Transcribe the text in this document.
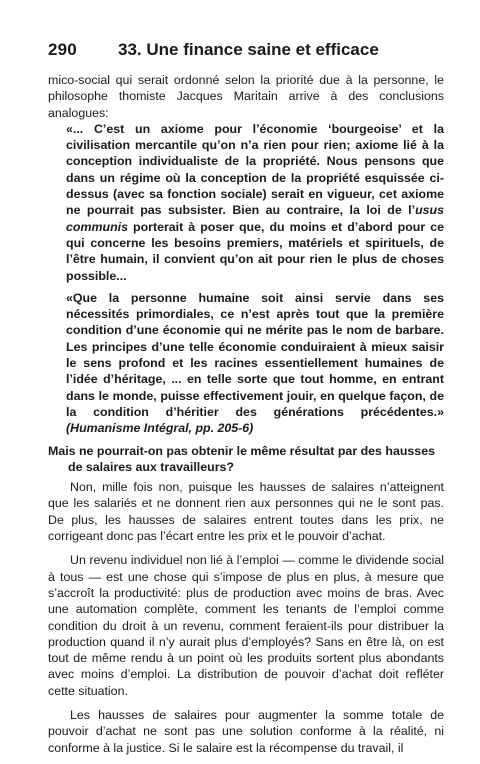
290 33. Une finance saine et efficace

mico-social qui serait ordonné selon la priorité due à la personne, le philosophe thomiste Jacques Maritain arrive à des conclusions analogues:

«... C’est un axiome pour l’économie ‘bourgeoise’ et la civilisation mercantile qu’on n’a rien pour rien; axiome lié à la conception individualiste de la propriété. Nous pensons que dans un régime où la conception de la propriété esquissée ci-dessus (avec sa fonction sociale) serait en vigueur, cet axiome ne pourrait pas subsister. Bien au contraire, la loi de l’usus communis porterait à poser que, du moins et d’abord pour ce qui concerne les besoins premiers, matériels et spirituels, de l’être humain, il convient qu’on ait pour rien le plus de choses possible...

«Que la personne humaine soit ainsi servie dans ses nécessités primordiales, ce n’est après tout que la première condition d’une économie qui ne mérite pas le nom de barbare. Les principes d’une telle économie conduiraient à mieux saisir le sens profond et les racines essentiellement humaines de l’idée d’héritage, ... en telle sorte que tout homme, en entrant dans le monde, puisse effectivement jouir, en quelque façon, de la condition d’héritier des générations précédentes.» (Humanisme Intégral, pp. 205-6)

Mais ne pourrait-on pas obtenir le même résultat par des hausses
de salaires aux travailleurs?

Non, mille fois non, puisque les hausses de salaires n’atteignent que les salariés et ne donnent rien aux personnes qui ne le sont pas. De plus, les hausses de salaires entrent toutes dans les prix, ne corrigeant donc pas l’écart entre les prix et le pouvoir d’achat.

Un revenu individuel non lié à l’emploi — comme le dividende social à tous — est une chose qui s’impose de plus en plus, à mesure que s’accroît la productivité: plus de production avec moins de bras. Avec une automation complète, comment les tenants de l’emploi comme condition du droit à un revenu, comment feraient-ils pour distribuer la production quand il n’y aurait plus d’employés? Sans en être là, on est tout de même rendu à un point où les produits sortent plus abondants avec moins d’emploi. La distribution de pouvoir d’achat doit refléter cette situation.

Les hausses de salaires pour augmenter la somme totale de pouvoir d’achat ne sont pas une solution conforme à la réalité, ni conforme à la justice. Si le salaire est la récompense du travail, il
